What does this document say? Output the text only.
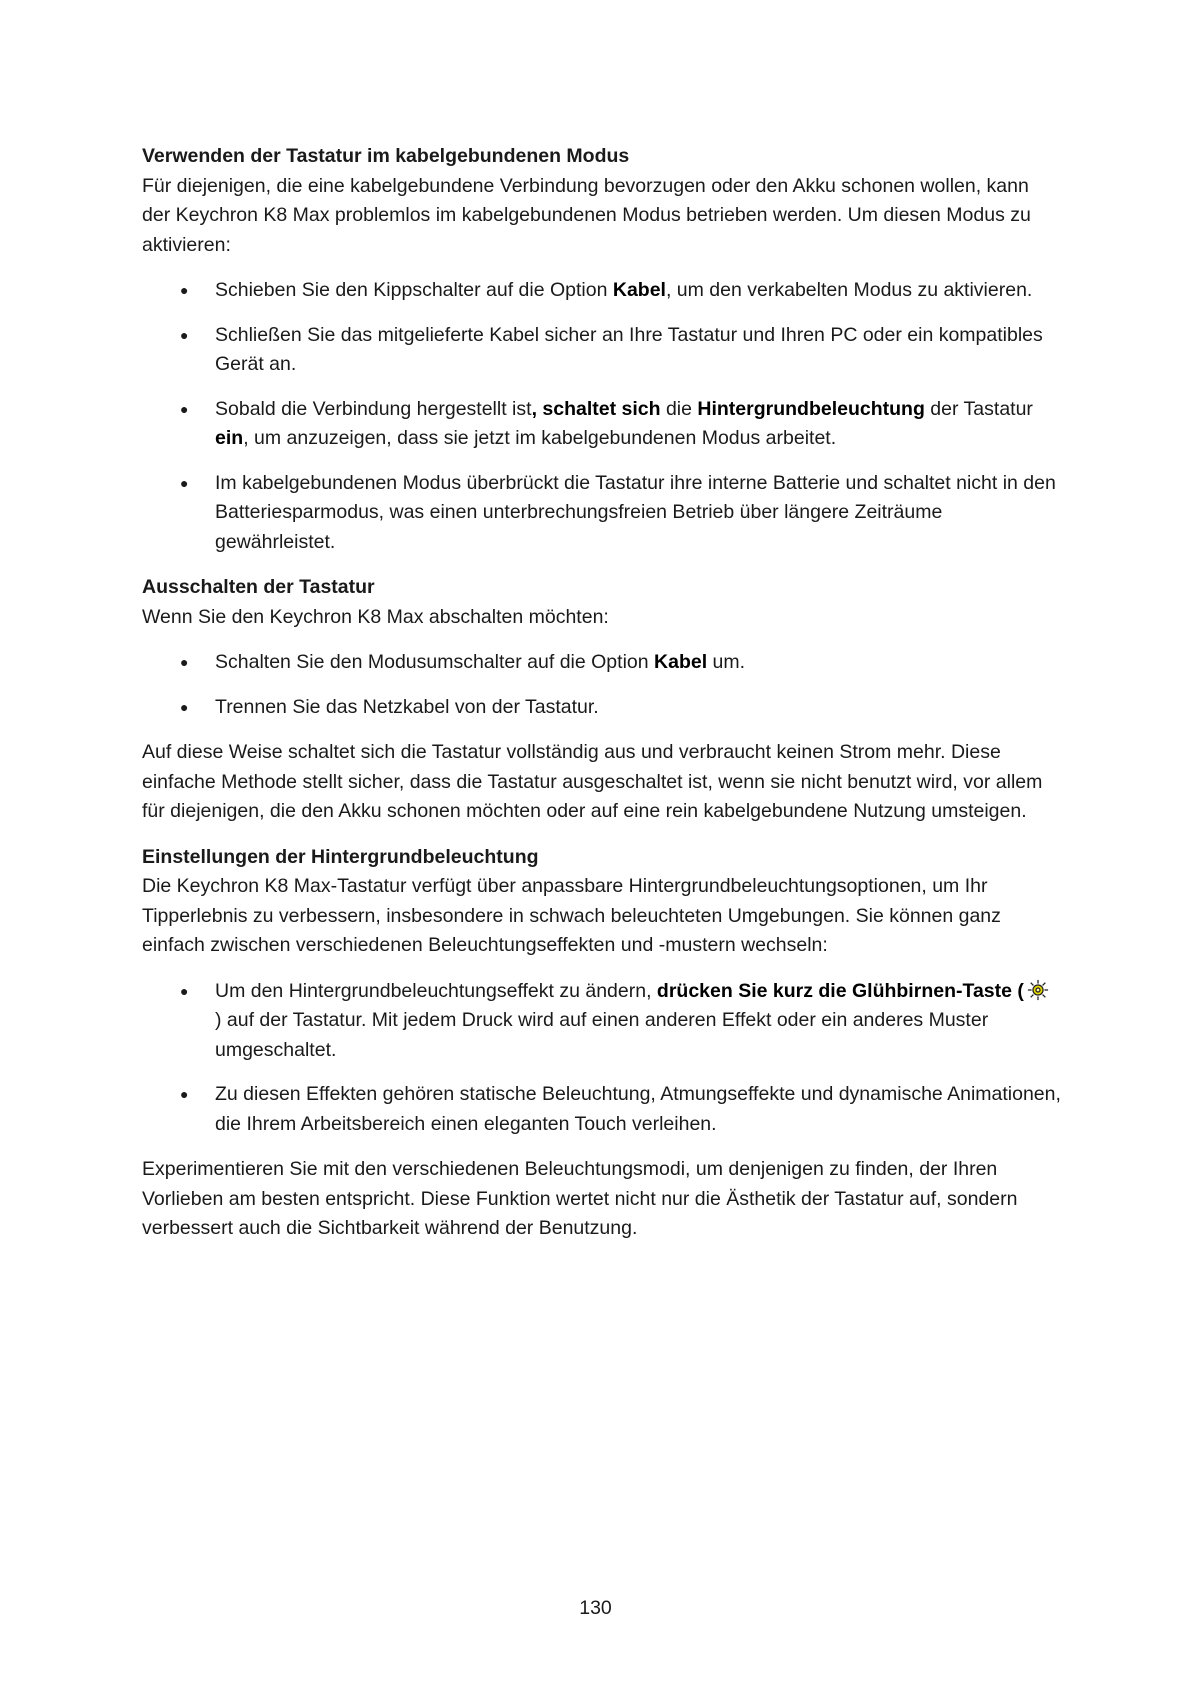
Verwenden der Tastatur im kabelgebundenen Modus

Für diejenigen, die eine kabelgebundene Verbindung bevorzugen oder den Akku schonen wollen, kann der Keychron K8 Max problemlos im kabelgebundenen Modus betrieben werden. Um diesen Modus zu aktivieren:

● Schieben Sie den Kippschalter auf die Option Kabel, um den verkabelten Modus zu aktivieren.
● Schließen Sie das mitgelieferte Kabel sicher an Ihre Tastatur und Ihren PC oder ein kompatibles Gerät an.
● Sobald die Verbindung hergestellt ist, schaltet sich die Hintergrundbeleuchtung der Tastatur ein, um anzuzeigen, dass sie jetzt im kabelgebundenen Modus arbeitet.
● Im kabelgebundenen Modus überbrückt die Tastatur ihre interne Batterie und schaltet nicht in den Batteriesparmodus, was einen unterbrechungsfreien Betrieb über längere Zeiträume gewährleistet.
Ausschalten der Tastatur

Wenn Sie den Keychron K8 Max abschalten möchten:

● Schalten Sie den Modusumschalter auf die Option Kabel um.
● Trennen Sie das Netzkabel von der Tastatur.

Auf diese Weise schaltet sich die Tastatur vollständig aus und verbraucht keinen Strom mehr. Diese einfache Methode stellt sicher, dass die Tastatur ausgeschaltet ist, wenn sie nicht benutzt wird, vor allem für diejenigen, die den Akku schonen möchten oder auf eine rein kabelgebundene Nutzung umsteigen.

Einstellungen der Hintergrundbeleuchtung

Die Keychron K8 Max-Tastatur verfügt über anpassbare Hintergrundbeleuchtungsoptionen, um Ihr Tipperlebnis zu verbessern, insbesondere in schwach beleuchteten Umgebungen. Sie können ganz einfach zwischen verschiedenen Beleuchtungseffekten und -mustern wechseln:

● Um den Hintergrundbeleuchtungseffekt zu ändern, drücken Sie kurz die Glühbirnen-Taste ( ) auf der Tastatur. Mit jedem Druck wird auf einen anderen Effekt oder ein anderes Muster umgeschaltet.
● Zu diesen Effekten gehören statische Beleuchtung, Atmungseffekte und dynamische Animationen, die Ihrem Arbeitsbereich einen eleganten Touch verleihen.

Experimentieren Sie mit den verschiedenen Beleuchtungsmodi, um denjenigen zu finden, der Ihren Vorlieben am besten entspricht. Diese Funktion wertet nicht nur die Ästhetik der Tastatur auf, sondern verbessert auch die Sichtbarkeit während der Benutzung.

130
